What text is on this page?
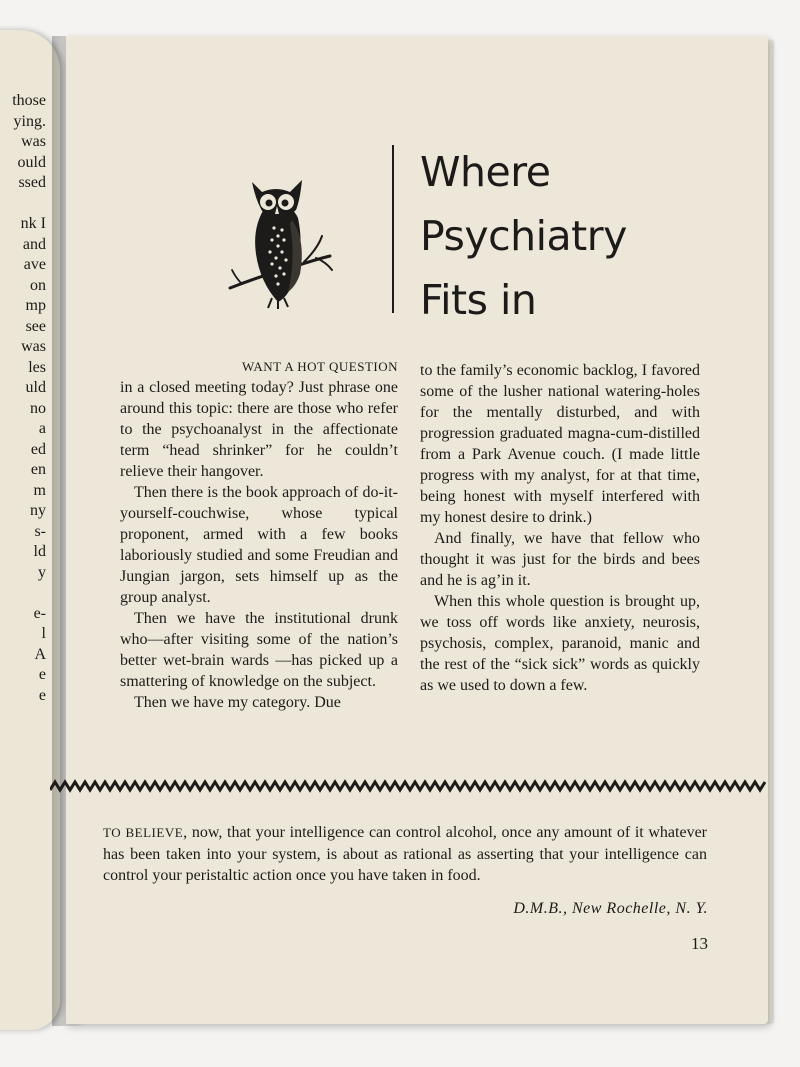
those
ying.
was
ould
ssed
nk I
and
ave
on
mp
see
was
les
uld
no
a
ed
en
m
ny
s-
ld
y
e-
l
A
e
e
Where
Psychiatry
Fits in

WANT A HOT QUESTION

in a closed meeting today? Just phrase one around this topic: there are those who refer to the psychoanalyst in the affectionate term “head shrinker” for he couldn’t relieve their hangover.

Then there is the book approach of do-it-yourself-couchwise, whose typical proponent, armed with a few books laboriously studied and some Freudian and Jungian jargon, sets himself up as the group analyst.

Then we have the institutional drunk who—after visiting some of the nation’s better wet-brain wards —has picked up a smattering of knowledge on the subject.

Then we have my category. Due

to the family’s economic backlog, I favored some of the lusher national watering-holes for the mentally disturbed, and with progression graduated magna-cum-distilled from a Park Avenue couch. (I made little progress with my analyst, for at that time, being honest with myself interfered with my honest desire to drink.)

And finally, we have that fellow who thought it was just for the birds and bees and he is ag’in it.

When this whole question is brought up, we toss off words like anxiety, neurosis, psychosis, complex, paranoid, manic and the rest of the “sick sick” words as quickly as we used to down a few.

TO BELIEVE, now, that your intelligence can control alcohol, once any amount of it whatever has been taken into your system, is about as rational as asserting that your intelligence can control your peristaltic action once you have taken in food.
D.M.B., New Rochelle, N. Y.
13
